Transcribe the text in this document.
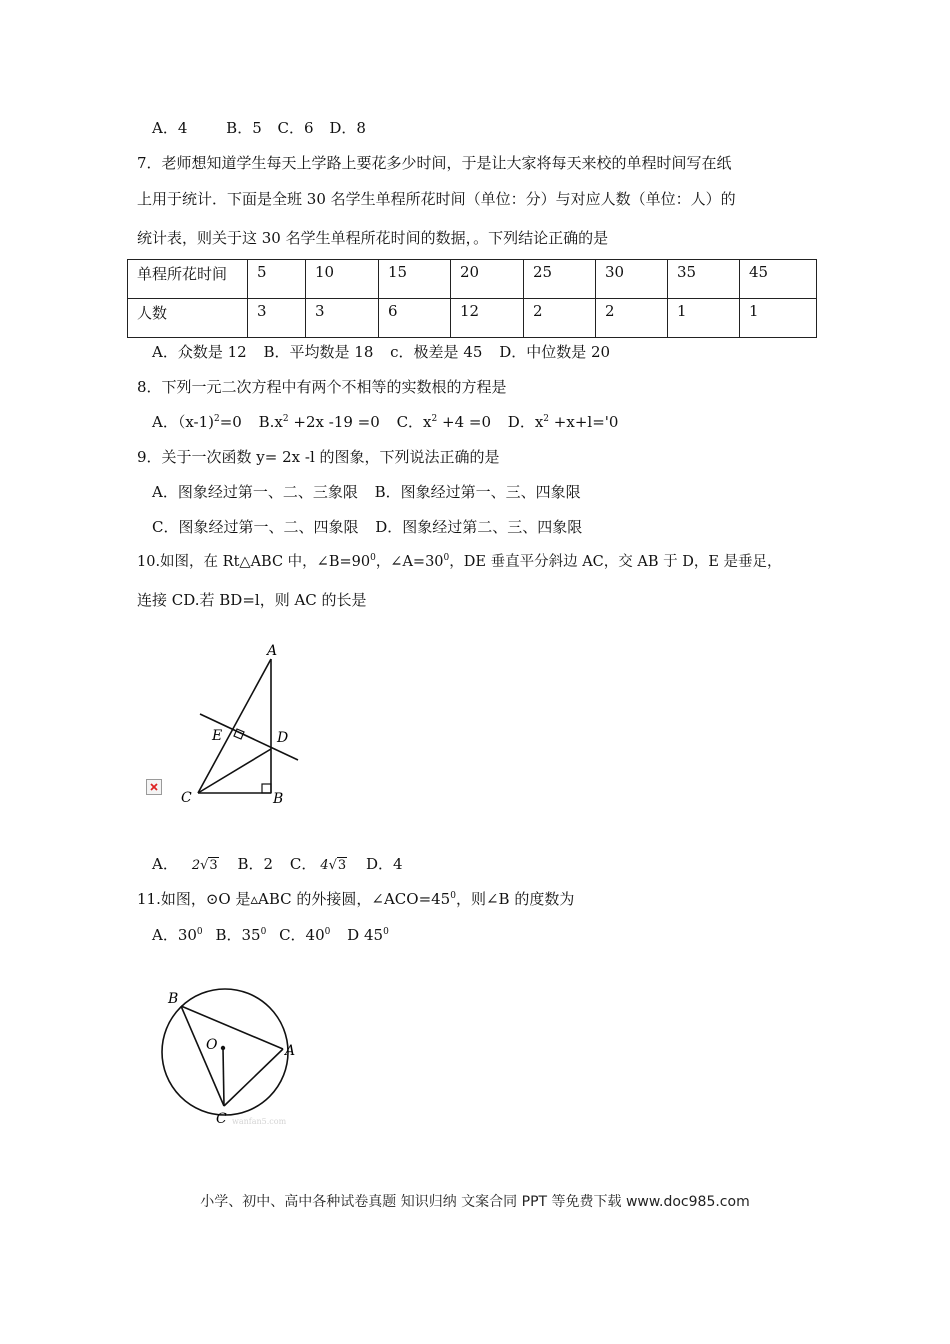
A．4	B．5 C．6 D．8
7．老师想知道学生每天上学路上要花多少时间，于是让大家将每天来校的单程时间写在纸
上用于统计．下面是全班 30 名学生单程所花时间（单位：分）与对应人数（单位：人）的
统计表，则关于这 30 名学生单程所花时间的数据，。下列结论正确的是
单程所花时间	5	10	15	20	25	30	35	45
人数	3	3	6	12	2	2	1	1
A．众数是 12 B．平均数是 18 c．极差是 45 D．中位数是 20
8．下列一元二次方程中有两个不相等的实数根的方程是
A．（x-1)$^2$=0 $B.x^2 +2x$ -19 =0 C．$x^2 +4 =0$ D．$x^2 +x+l='0$
9．关于一次函数 y= 2x -l 的图象，下列说法正确的是
A．图象经过第一、二、三象限 B．图象经过第一、三、四象限
C．图象经过第一、二、四象限 D．图象经过第二、三、四象限
10.如图，在 Rt△ABC 中，$\angle B=90^0$，$\angle A=30^0$，DE 垂直平分斜边 AC，交 AB 于 D，E 是垂足，
连接 CD.若 BD=l，则 AC 的长是
A
E	D
C	B
A． 2√3 B．2 C． 4√3 D．4
11.如图，⊙O 是▵ABC 的外接圆，$\angle ACO=45^0$，则∠B 的度数为
A．$30^0$ B．$35^0$ C．$40^0$ D $45^0$
B
O	A
C wanfan5.com
小学、初中、高中各种试卷真题 知识归纳 文案合同 PPT 等免费下载 www.doc985.com
